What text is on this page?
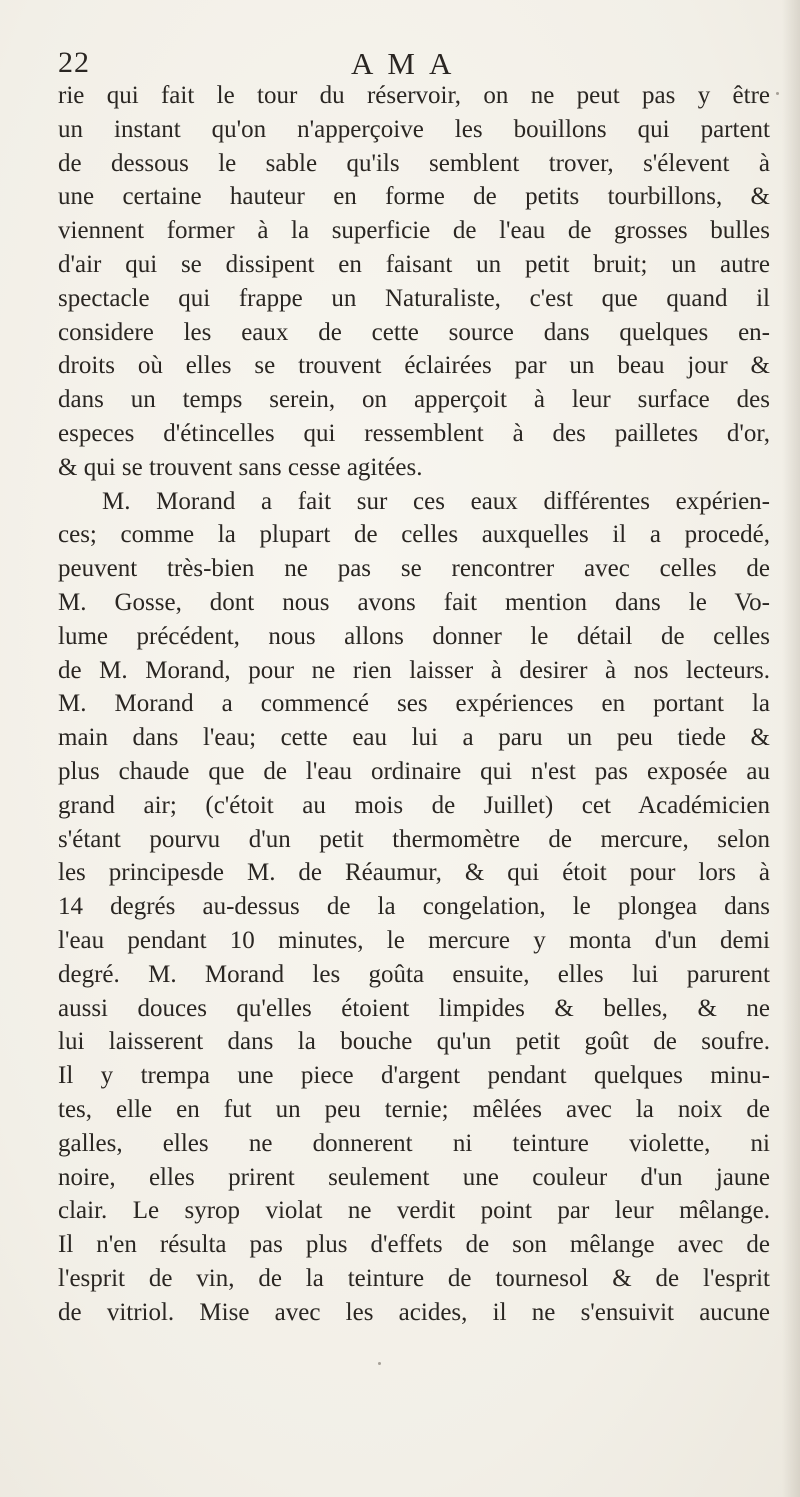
22	AMA
rie qui fait le tour du réservoir, on ne peut pas y être
un instant qu'on n'apperçoive les bouillons qui partent
de dessous le sable qu'ils semblent trover, s'élevent à
une certaine hauteur en forme de petits tourbillons, &
viennent former à la superficie de l'eau de grosses bulles
d'air qui se dissipent en faisant un petit bruit; un autre
spectacle qui frappe un Naturaliste, c'est que quand il
considere les eaux de cette source dans quelques en-
droits où elles se trouvent éclairées par un beau jour &
dans un temps serein, on apperçoit à leur surface des
especes d'étincelles qui ressemblent à des pailletes d'or,
& qui se trouvent sans cesse agitées.
M. Morand a fait sur ces eaux différentes expérien-
ces; comme la plupart de celles auxquelles il a procedé,
peuvent très-bien ne pas se rencontrer avec celles de
M. Gosse, dont nous avons fait mention dans le Vo-
lume précédent, nous allons donner le détail de celles
de M. Morand, pour ne rien laisser à desirer à nos lecteurs.
M. Morand a commencé ses expériences en portant la
main dans l'eau; cette eau lui a paru un peu tiede &
plus chaude que de l'eau ordinaire qui n'est pas exposée au
grand air; (c'étoit au mois de Juillet) cet Académicien
s'étant pourvu d'un petit thermomètre de mercure, selon
les principesde M. de Réaumur, & qui étoit pour lors à
14 degrés au-dessus de la congelation, le plongea dans
l'eau pendant 10 minutes, le mercure y monta d'un demi
degré. M. Morand les goûta ensuite, elles lui parurent
aussi douces qu'elles étoient limpides & belles, & ne
lui laisserent dans la bouche qu'un petit goût de soufre.
Il y trempa une piece d'argent pendant quelques minu-
tes, elle en fut un peu ternie; mêlées avec la noix de
galles, elles ne donnerent ni teinture violette, ni
noire, elles prirent seulement une couleur d'un jaune
clair. Le syrop violat ne verdit point par leur mêlange.
Il n'en résulta pas plus d'effets de son mêlange avec de
l'esprit de vin, de la teinture de tournesol & de l'esprit
de vitriol. Mise avec les acides, il ne s'ensuivit aucune
